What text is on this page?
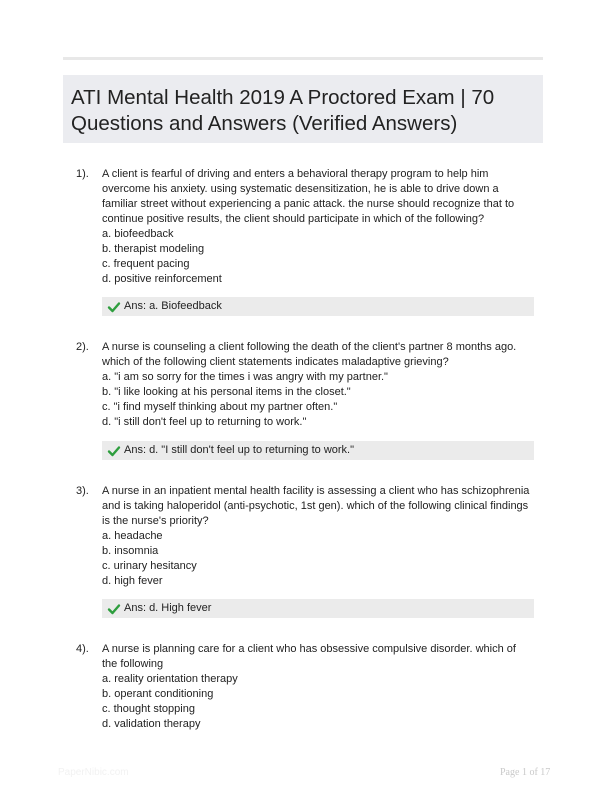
ATI Mental Health 2019 A Proctored Exam | 70 Questions and Answers (Verified Answers)
1). A client is fearful of driving and enters a behavioral therapy program to help him overcome his anxiety. using systematic desensitization, he is able to drive down a familiar street without experiencing a panic attack. the nurse should recognize that to continue positive results, the client should participate in which of the following?

a. biofeedback

b. therapist modeling

c. frequent pacing

d. positive reinforcement

Ans: a. Biofeedback
2). A nurse is counseling a client following the death of the client's partner 8 months ago. which of the following client statements indicates maladaptive grieving?

a. "i am so sorry for the times i was angry with my partner."

b. "i like looking at his personal items in the closet."

c. "i find myself thinking about my partner often."

d. "i still don't feel up to returning to work."

Ans: d. "I still don't feel up to returning to work."
3). A nurse in an inpatient mental health facility is assessing a client who has schizophrenia and is taking haloperidol (anti-psychotic, 1st gen). which of the following clinical findings is the nurse's priority?

a. headache

b. insomnia

c. urinary hesitancy

d. high fever

Ans: d. High fever
4). A nurse is planning care for a client who has obsessive compulsive disorder. which of the following

a. reality orientation therapy

b. operant conditioning

c. thought stopping

d. validation therapy

PaperNibic.com	Page 1 of 17
